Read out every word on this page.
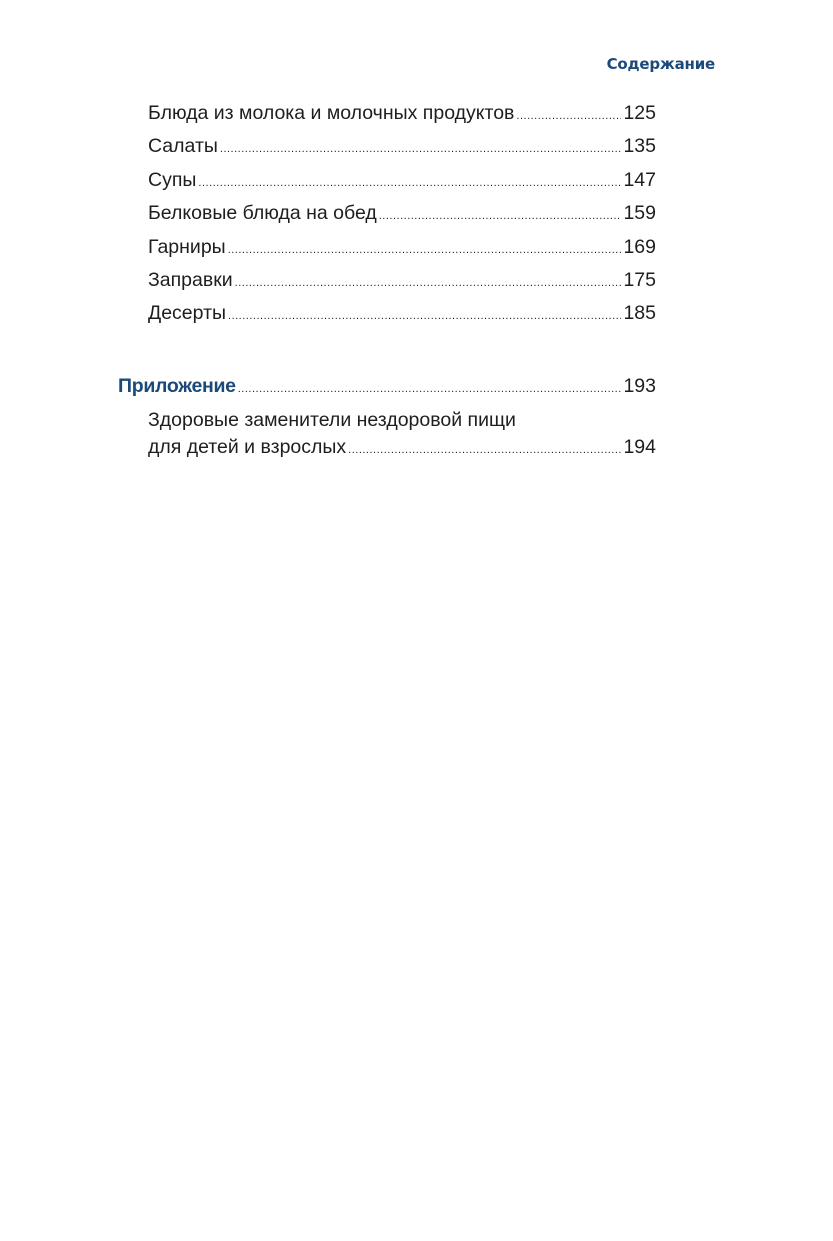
Содержание
Блюда из молока и молочных продуктов .....	125
Салаты .....	135
Супы .....	147
Белковые блюда на обед .....	159
Гарниры .....	169
Заправки .....	175
Десерты .....	185
Приложение .....	193
Здоровые заменители нездоровой пищи
для детей и взрослых .....	194
